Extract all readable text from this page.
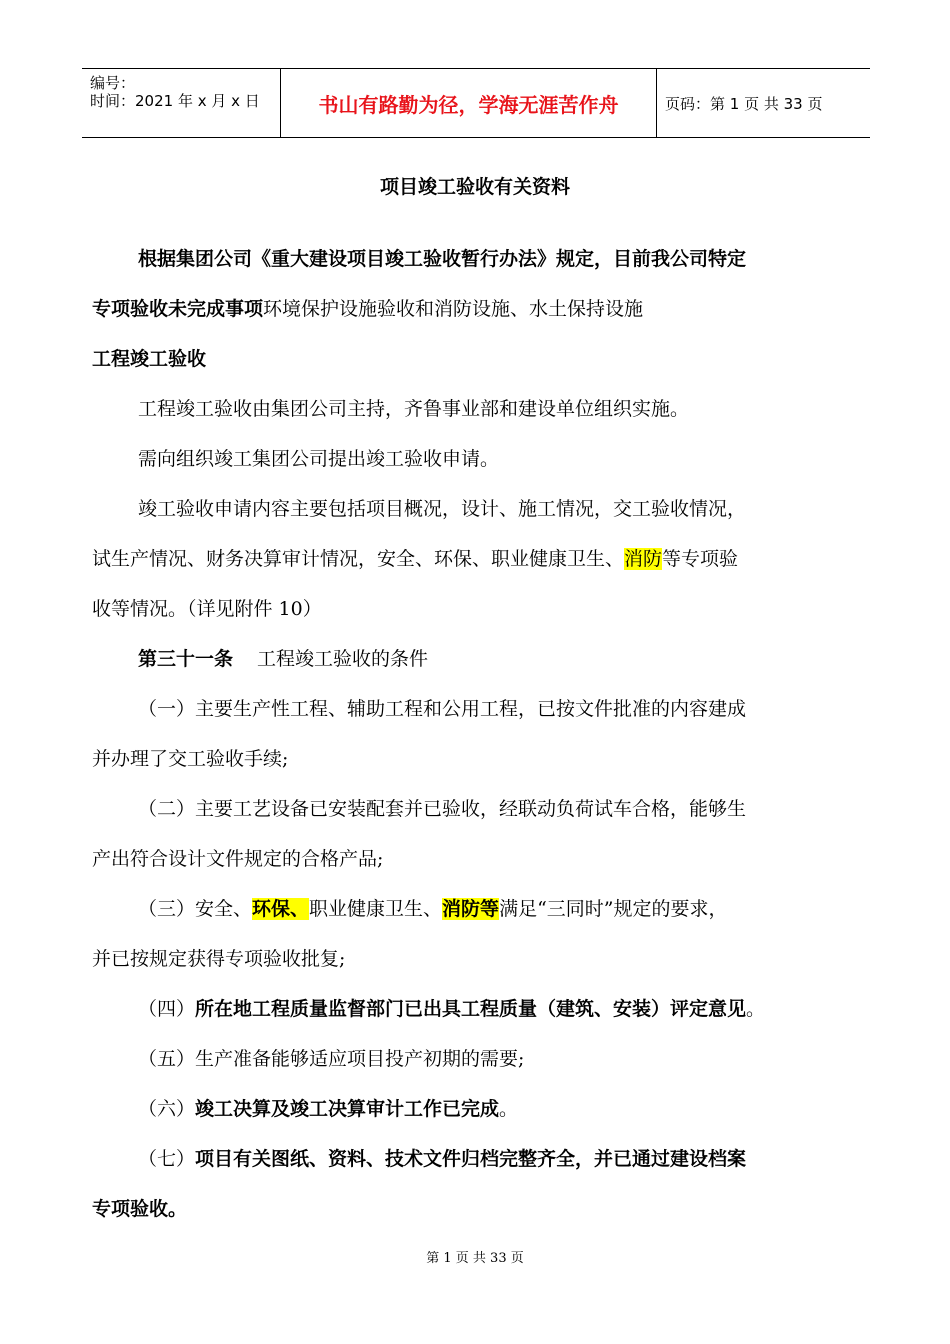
编号：
时间：2021 年 x 月 x 日	书山有路勤为径，学海无涯苦作舟	页码：第 1 页 共 33 页
项目竣工验收有关资料
根据集团公司《重大建设项目竣工验收暂行办法》规定，目前我公司特定
专项验收未完成事项环境保护设施验收和消防设施、水土保持设施
工程竣工验收
工程竣工验收由集团公司主持，齐鲁事业部和建设单位组织实施。
需向组织竣工集团公司提出竣工验收申请。
竣工验收申请内容主要包括项目概况，设计、施工情况，交工验收情况，
试生产情况、财务决算审计情况，安全、环保、职业健康卫生、消防等专项验
收等情况。（详见附件 10）
第三十一条 工程竣工验收的条件
（一）主要生产性工程、辅助工程和公用工程，已按文件批准的内容建成
并办理了交工验收手续;
（二）主要工艺设备已安装配套并已验收，经联动负荷试车合格，能够生
产出符合设计文件规定的合格产品;
（三）安全、环保、职业健康卫生、消防等满足“三同时”规定的要求，
并已按规定获得专项验收批复;
（四）所在地工程质量监督部门已出具工程质量（建筑、安装）评定意见。
（五）生产准备能够适应项目投产初期的需要;
（六）竣工决算及竣工决算审计工作已完成。
（七）项目有关图纸、资料、技术文件归档完整齐全，并已通过建设档案
专项验收。
第 1 页 共 33 页
